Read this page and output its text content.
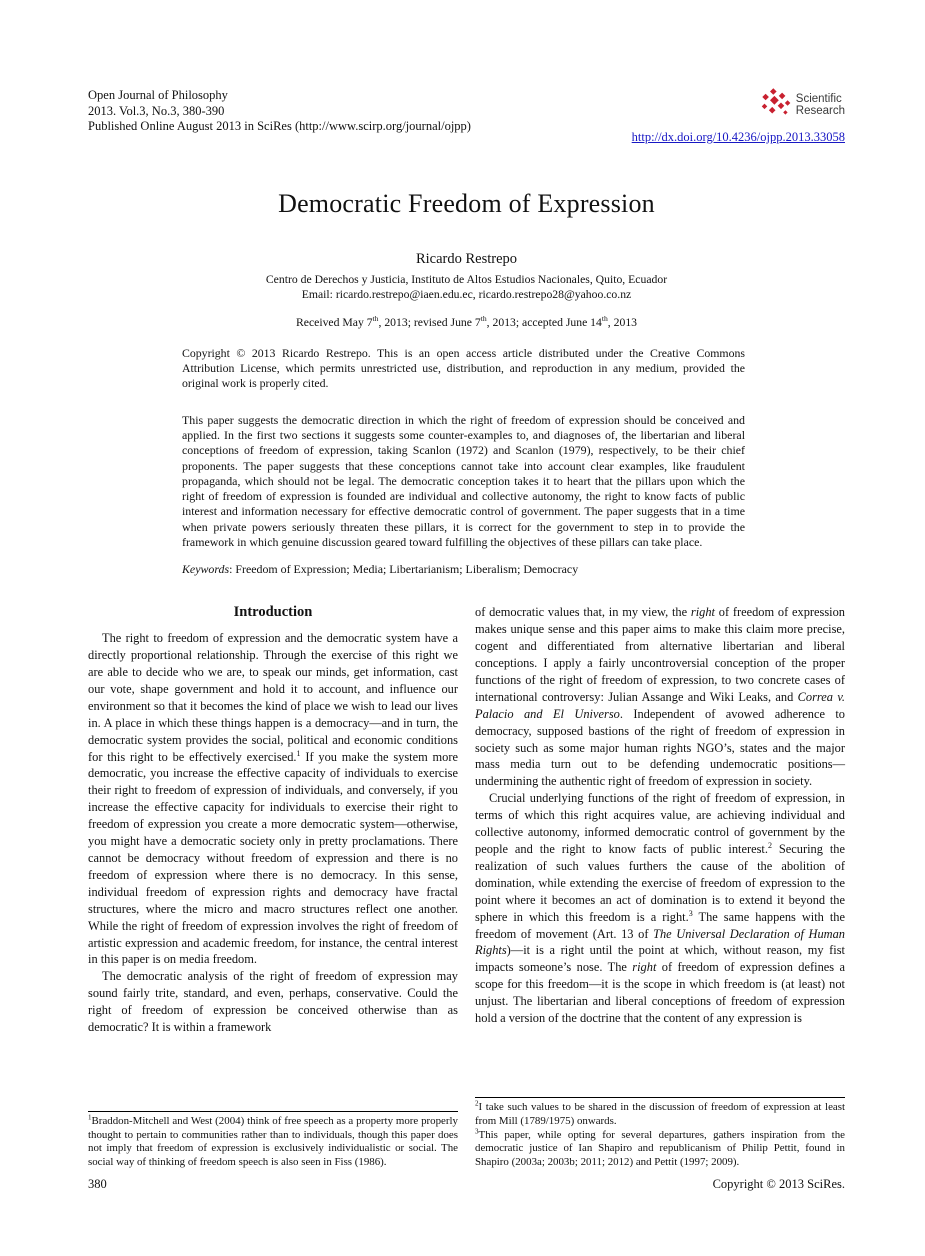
Open Journal of Philosophy
2013. Vol.3, No.3, 380-390
Published Online August 2013 in SciRes (http://www.scirp.org/journal/ojpp)
Scientific
Research
http://dx.doi.org/10.4236/ojpp.2013.33058
Democratic Freedom of Expression
Ricardo Restrepo
Centro de Derechos y Justicia, Instituto de Altos Estudios Nacionales, Quito, Ecuador
Email: ricardo.restrepo@iaen.edu.ec, ricardo.restrepo28@yahoo.co.nz
Received May 7th, 2013; revised June 7th, 2013; accepted June 14th, 2013
Copyright © 2013 Ricardo Restrepo. This is an open access article distributed under the Creative Commons Attribution License, which permits unrestricted use, distribution, and reproduction in any medium, provided the original work is properly cited.
This paper suggests the democratic direction in which the right of freedom of expression should be conceived and applied. In the first two sections it suggests some counter-examples to, and diagnoses of, the libertarian and liberal conceptions of freedom of expression, taking Scanlon (1972) and Scanlon (1979), respectively, to be their chief proponents. The paper suggests that these conceptions cannot take into account clear examples, like fraudulent propaganda, which should not be legal. The democratic conception takes it to heart that the pillars upon which the right of freedom of expression is founded are individual and collective autonomy, the right to know facts of public interest and information necessary for effective democratic control of government. The paper suggests that in a time when private powers seriously threaten these pillars, it is correct for the government to step in to provide the framework in which genuine discussion geared toward fulfilling the objectives of these pillars can take place.
Keywords: Freedom of Expression; Media; Libertarianism; Liberalism; Democracy
Introduction

The right to freedom of expression and the democratic system have a directly proportional relationship. Through the exercise of this right we are able to decide who we are, to speak our minds, get information, cast our vote, shape government and hold it to account, and influence our environment so that it becomes the kind of place we wish to lead our lives in. A place in which these things happen is a democracy—and in turn, the democratic system provides the social, political and economic conditions for this right to be effectively exercised.$^1$ If you make the system more democratic, you increase the effective capacity of individuals to exercise their right to freedom of expression of individuals, and conversely, if you increase the effective capacity for individuals to exercise their right to freedom of expression you create a more democratic system—otherwise, you might have a democratic society only in pretty proclamations. There cannot be democracy without freedom of expression and there is no freedom of expression where there is no democracy. In this sense, individual freedom of expression rights and democracy have fractal structures, where the micro and macro structures reflect one another. While the right of freedom of expression involves the right of freedom of artistic expression and academic freedom, for instance, the central interest in this paper is on media freedom.

The democratic analysis of the right of freedom of expression may sound fairly trite, standard, and even, perhaps, conservative. Could the right of freedom of expression be conceived otherwise than as democratic? It is within a framework

$^1$Braddon-Mitchell and West (2004) think of free speech as a property more properly thought to pertain to communities rather than to individuals, though this paper does not imply that freedom of expression is exclusively individualistic or social. The social way of thinking of freedom speech is also seen in Fiss (1986).

of democratic values that, in my view, the right of freedom of expression makes unique sense and this paper aims to make this claim more precise, cogent and differentiated from alternative libertarian and liberal conceptions. I apply a fairly uncontroversial conception of the proper functions of the right of freedom of expression, to two concrete cases of international controversy: Julian Assange and Wiki Leaks, and Correa v. Palacio and El Universo. Independent of avowed adherence to democracy, supposed bastions of the right of freedom of expression in society such as some major human rights NGO’s, states and the major mass media turn out to be defending undemocratic positions—undermining the authentic right of freedom of expression in society.

Crucial underlying functions of the right of freedom of expression, in terms of which this right acquires value, are achieving individual and collective autonomy, informed democratic control of government by the people and the right to know facts of public interest.$^2$ Securing the realization of such values furthers the cause of the abolition of domination, while extending the exercise of freedom of expression to the point where it becomes an act of domination is to extend it beyond the sphere in which this freedom is a right.$^3$ The same happens with the freedom of movement (Art. 13 of The Universal Declaration of Human Rights)—it is a right until the point at which, without reason, my fist impacts someone’s nose. The right of freedom of expression defines a scope for this freedom—it is the scope in which freedom is (at least) not unjust. The libertarian and liberal conceptions of freedom of expression hold a version of the doctrine that the content of any expression is

$^2$I take such values to be shared in the discussion of freedom of expression at least from Mill (1789/1975) onwards.

$^3$This paper, while opting for several departures, gathers inspiration from the democratic justice of Ian Shapiro and republicanism of Philip Pettit, found in Shapiro (2003a; 2003b; 2011; 2012) and Pettit (1997; 2009).

380	Copyright © 2013 SciRes.
